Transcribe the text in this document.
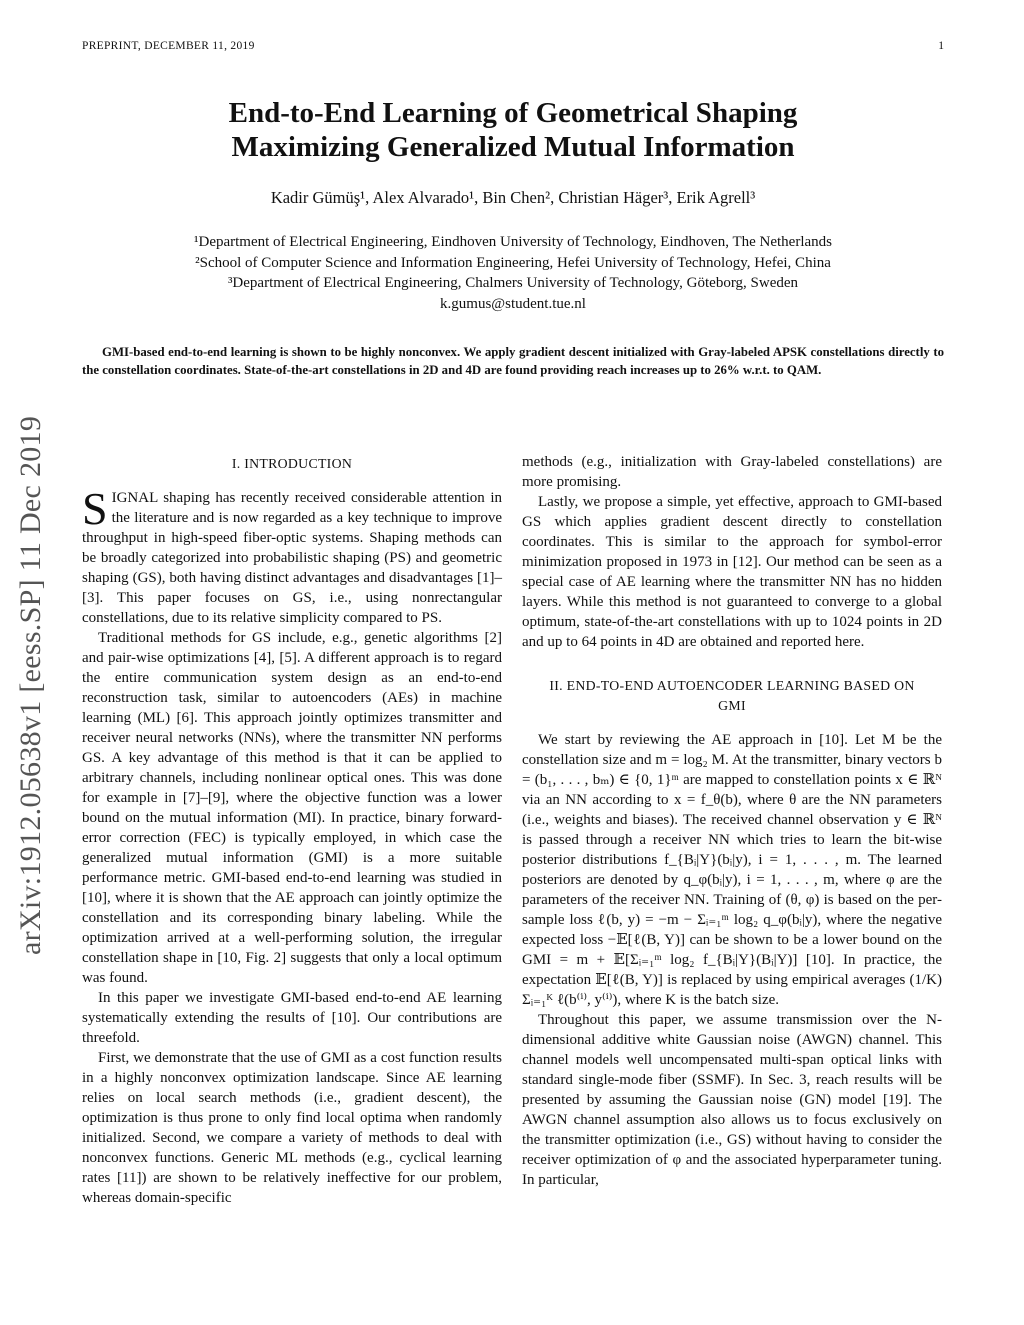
PREPRINT, DECEMBER 11, 2019	1
arXiv:1912.05638v1 [eess.SP] 11 Dec 2019
End-to-End Learning of Geometrical Shaping
Maximizing Generalized Mutual Information
Kadir Gümüş¹, Alex Alvarado¹, Bin Chen², Christian Häger³, Erik Agrell³
¹Department of Electrical Engineering, Eindhoven University of Technology, Eindhoven, The Netherlands
²School of Computer Science and Information Engineering, Hefei University of Technology, Hefei, China
³Department of Electrical Engineering, Chalmers University of Technology, Göteborg, Sweden
k.gumus@student.tue.nl
GMI-based end-to-end learning is shown to be highly nonconvex. We apply gradient descent initialized with Gray-labeled APSK constellations directly to the constellation coordinates. State-of-the-art constellations in 2D and 4D are found providing reach increases up to 26% w.r.t. to QAM.
I. INTRODUCTION

SIGNAL shaping has recently received considerable attention in the literature and is now regarded as a key technique to improve throughput in high-speed fiber-optic systems. Shaping methods can be broadly categorized into probabilistic shaping (PS) and geometric shaping (GS), both having distinct advantages and disadvantages [1]–[3]. This paper focuses on GS, i.e., using nonrectangular constellations, due to its relative simplicity compared to PS.

Traditional methods for GS include, e.g., genetic algorithms [2] and pair-wise optimizations [4], [5]. A different approach is to regard the entire communication system design as an end-to-end reconstruction task, similar to autoencoders (AEs) in machine learning (ML) [6]. This approach jointly optimizes transmitter and receiver neural networks (NNs), where the transmitter NN performs GS. A key advantage of this method is that it can be applied to arbitrary channels, including nonlinear optical ones. This was done for example in [7]–[9], where the objective function was a lower bound on the mutual information (MI). In practice, binary forward-error correction (FEC) is typically employed, in which case the generalized mutual information (GMI) is a more suitable performance metric. GMI-based end-to-end learning was studied in [10], where it is shown that the AE approach can jointly optimize the constellation and its corresponding binary labeling. While the optimization arrived at a well-performing solution, the irregular constellation shape in [10, Fig. 2] suggests that only a local optimum was found.

In this paper we investigate GMI-based end-to-end AE learning systematically extending the results of [10]. Our contributions are threefold.

First, we demonstrate that the use of GMI as a cost function results in a highly nonconvex optimization landscape. Since AE learning relies on local search methods (i.e., gradient descent), the optimization is thus prone to only find local optima when randomly initialized. Second, we compare a variety of methods to deal with nonconvex functions. Generic ML methods (e.g., cyclical learning rates [11]) are shown to be relatively ineffective for our problem, whereas domain-specific

methods (e.g., initialization with Gray-labeled constellations) are more promising.

Lastly, we propose a simple, yet effective, approach to GMI-based GS which applies gradient descent directly to constellation coordinates. This is similar to the approach for symbol-error minimization proposed in 1973 in [12]. Our method can be seen as a special case of AE learning where the transmitter NN has no hidden layers. While this method is not guaranteed to converge to a global optimum, state-of-the-art constellations with up to 1024 points in 2D and up to 64 points in 4D are obtained and reported here.

II. END-TO-END AUTOENCODER LEARNING BASED ON
GMI

We start by reviewing the AE approach in [10]. Let M be the constellation size and m = log₂ M. At the transmitter, binary vectors b = (b₁, . . . , bₘ) ∈ {0, 1}ᵐ are mapped to constellation points x ∈ ℝᴺ via an NN according to x = f_θ(b), where θ are the NN parameters (i.e., weights and biases). The received channel observation y ∈ ℝᴺ is passed through a receiver NN which tries to learn the bit-wise posterior distributions f_{Bᵢ|Y}(bᵢ|y), i = 1, . . . , m. The learned posteriors are denoted by q_φ(bᵢ|y), i = 1, . . . , m, where φ are the parameters of the receiver NN. Training of (θ, φ) is based on the per-sample loss ℓ(b, y) = −m − Σᵢ₌₁ᵐ log₂ q_φ(bᵢ|y), where the negative expected loss −𝔼[ℓ(B, Y)] can be shown to be a lower bound on the GMI = m + 𝔼[Σᵢ₌₁ᵐ log₂ f_{Bᵢ|Y}(Bᵢ|Y)] [10]. In practice, the expectation 𝔼[ℓ(B, Y)] is replaced by using empirical averages (1/K) Σᵢ₌₁ᴷ ℓ(b⁽ⁱ⁾, y⁽ⁱ⁾), where K is the batch size.

Throughout this paper, we assume transmission over the N-dimensional additive white Gaussian noise (AWGN) channel. This channel models well uncompensated multi-span optical links with standard single-mode fiber (SSMF). In Sec. 3, reach results will be presented by assuming the Gaussian noise (GN) model [19]. The AWGN channel assumption also allows us to focus exclusively on the transmitter optimization (i.e., GS) without having to consider the receiver optimization of φ and the associated hyperparameter tuning. In particular,
